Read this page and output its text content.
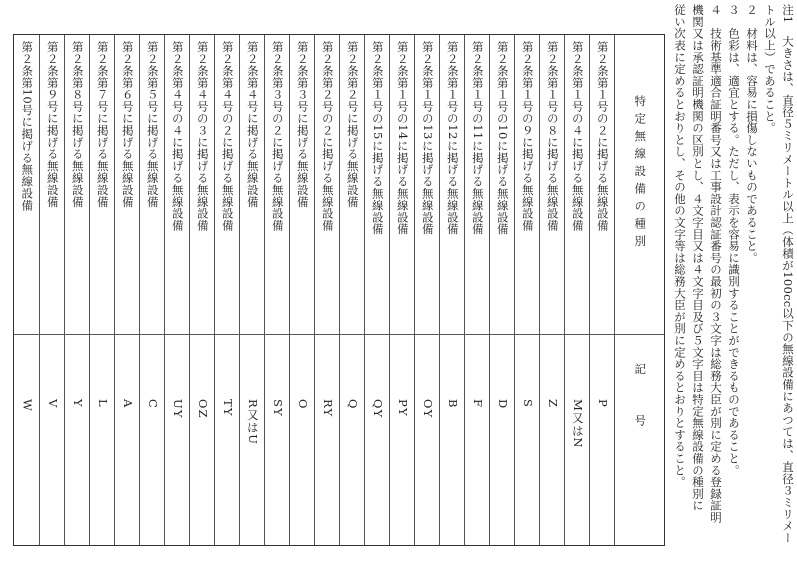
注1　大きさは、直径５ミリメートル以上（体積が100cc以下の無線設備にあつては、直径３ミリメー
トル以上）であること。
２　材料は、容易に損傷しないものであること。
３　色彩は、適宜とする。ただし、表示を容易に識別することができるものであること。
４　技術基準適合証明番号又は工事設計認証番号の最初の３文字は総務大臣が別に定める登録証明
機関又は承認証明機関の区別とし、４文字目又は４文字目及び５文字目は特定無線設備の種別に
従い次表に定めるとおりとし、その他の文字等は総務大臣が別に定めるとおりとすること。
特定無線設備の種別
記号
第２条第１号の２に掲げる無線設備
P
第２条第１号の４に掲げる無線設備
M又はN
第２条第１号の８に掲げる無線設備
Z
第２条第１号の９に掲げる無線設備
S
第２条第１号の10に掲げる無線設備
D
第２条第１号の11に掲げる無線設備
F
第２条第１号の12に掲げる無線設備
B
第２条第１号の13に掲げる無線設備
OY
第２条第１号の14に掲げる無線設備
PY
第２条第１号の15に掲げる無線設備
QY
第２条第２号に掲げる無線設備
Q
第２条第２号の２に掲げる無線設備
RY
第２条第３号に掲げる無線設備
O
第２条第３号の２に掲げる無線設備
SY
第２条第４号に掲げる無線設備
R又はU
第２条第４号の２に掲げる無線設備
TY
第２条第４号の３に掲げる無線設備
OZ
第２条第４号の４に掲げる無線設備
UY
第２条第５号に掲げる無線設備
C
第２条第６号に掲げる無線設備
A
第２条第７号に掲げる無線設備
L
第２条第８号に掲げる無線設備
Y
第２条第９号に掲げる無線設備
V
第２条第10号に掲げる無線設備
W
